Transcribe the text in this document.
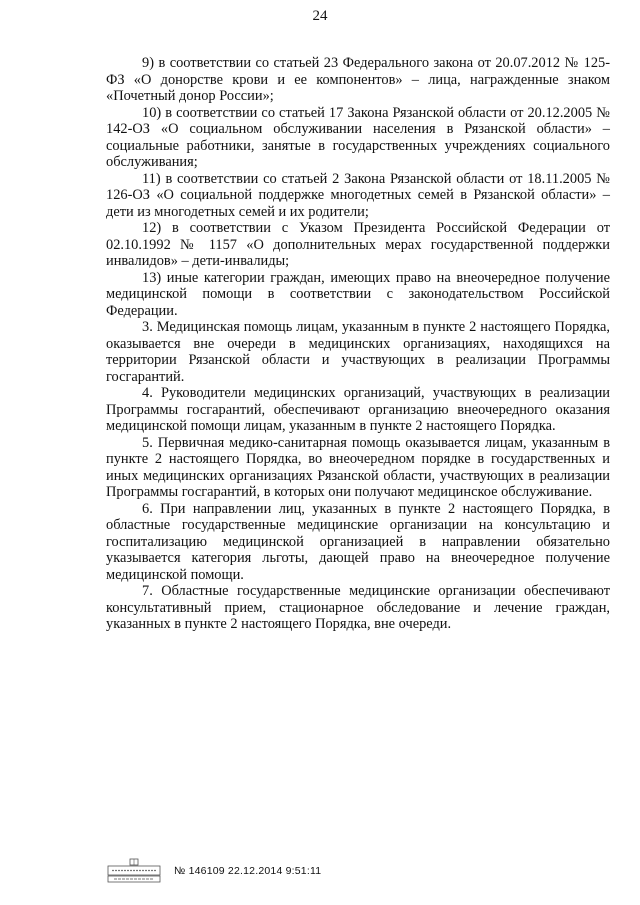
24

9) в соответствии со статьей 23 Федерального закона от 20.07.2012 № 125-ФЗ «О донорстве крови и ее компонентов» – лица, награжденные знаком «Почетный донор России»;

10) в соответствии со статьей 17 Закона Рязанской области от 20.12.2005 № 142-ОЗ «О социальном обслуживании населения в Рязанской области» – социальные работники, занятые в государственных учреждениях социального обслуживания;

11) в соответствии со статьей 2 Закона Рязанской области от 18.11.2005 № 126-ОЗ «О социальной поддержке многодетных семей в Рязанской области» – дети из многодетных семей и их родители;

12) в соответствии с Указом Президента Российской Федерации от 02.10.1992 № 1157 «О дополнительных мерах государственной поддержки инвалидов» – дети-инвалиды;

13) иные категории граждан, имеющих право на внеочередное получение медицинской помощи в соответствии с законодательством Российской Федерации.

3. Медицинская помощь лицам, указанным в пункте 2 настоящего Порядка, оказывается вне очереди в медицинских организациях, находящихся на территории Рязанской области и участвующих в реализации Программы госгарантий.

4. Руководители медицинских организаций, участвующих в реализации Программы госгарантий, обеспечивают организацию внеочередного оказания медицинской помощи лицам, указанным в пункте 2 настоящего Порядка.

5. Первичная медико-санитарная помощь оказывается лицам, указанным в пункте 2 настоящего Порядка, во внеочередном порядке в государственных и иных медицинских организациях Рязанской области, участвующих в реализации Программы госгарантий, в которых они получают медицинское обслуживание.

6. При направлении лиц, указанных в пункте 2 настоящего Порядка, в областные государственные медицинские организации на консультацию и госпитализацию медицинской организацией в направлении обязательно указывается категория льготы, дающей право на внеочередное получение медицинской помощи.

7. Областные государственные медицинские организации обеспечивают консультативный прием, стационарное обследование и лечение граждан, указанных в пункте 2 настоящего Порядка, вне очереди.

№ 146109 22.12.2014 9:51:11
